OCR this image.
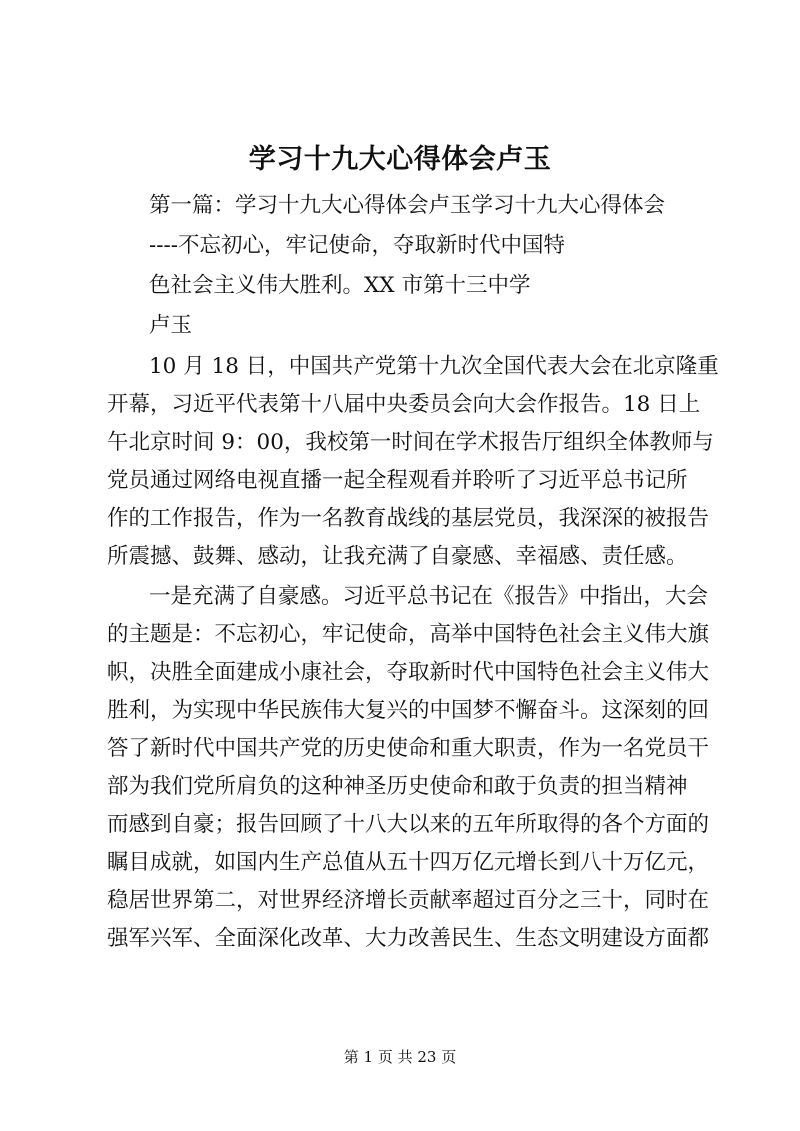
学习十九大心得体会卢玉
第一篇：学习十九大心得体会卢玉学习十九大心得体会
----不忘初心，牢记使命，夺取新时代中国特
色社会主义伟大胜利。XX 市第十三中学
卢玉
10 月 18 日，中国共产党第十九次全国代表大会在北京隆重
开幕，习近平代表第十八届中央委员会向大会作报告。18 日上
午北京时间 9：00，我校第一时间在学术报告厅组织全体教师与
党员通过网络电视直播一起全程观看并聆听了习近平总书记所
作的工作报告，作为一名教育战线的基层党员，我深深的被报告
所震撼、鼓舞、感动，让我充满了自豪感、幸福感、责任感。
一是充满了自豪感。习近平总书记在《报告》中指出，大会
的主题是：不忘初心，牢记使命，高举中国特色社会主义伟大旗
帜，决胜全面建成小康社会，夺取新时代中国特色社会主义伟大
胜利，为实现中华民族伟大复兴的中国梦不懈奋斗。这深刻的回
答了新时代中国共产党的历史使命和重大职责，作为一名党员干
部为我们党所肩负的这种神圣历史使命和敢于负责的担当精神
而感到自豪；报告回顾了十八大以来的五年所取得的各个方面的
瞩目成就，如国内生产总值从五十四万亿元增长到八十万亿元，
稳居世界第二，对世界经济增长贡献率超过百分之三十，同时在
强军兴军、全面深化改革、大力改善民生、生态文明建设方面都
第 1 页 共 23 页
